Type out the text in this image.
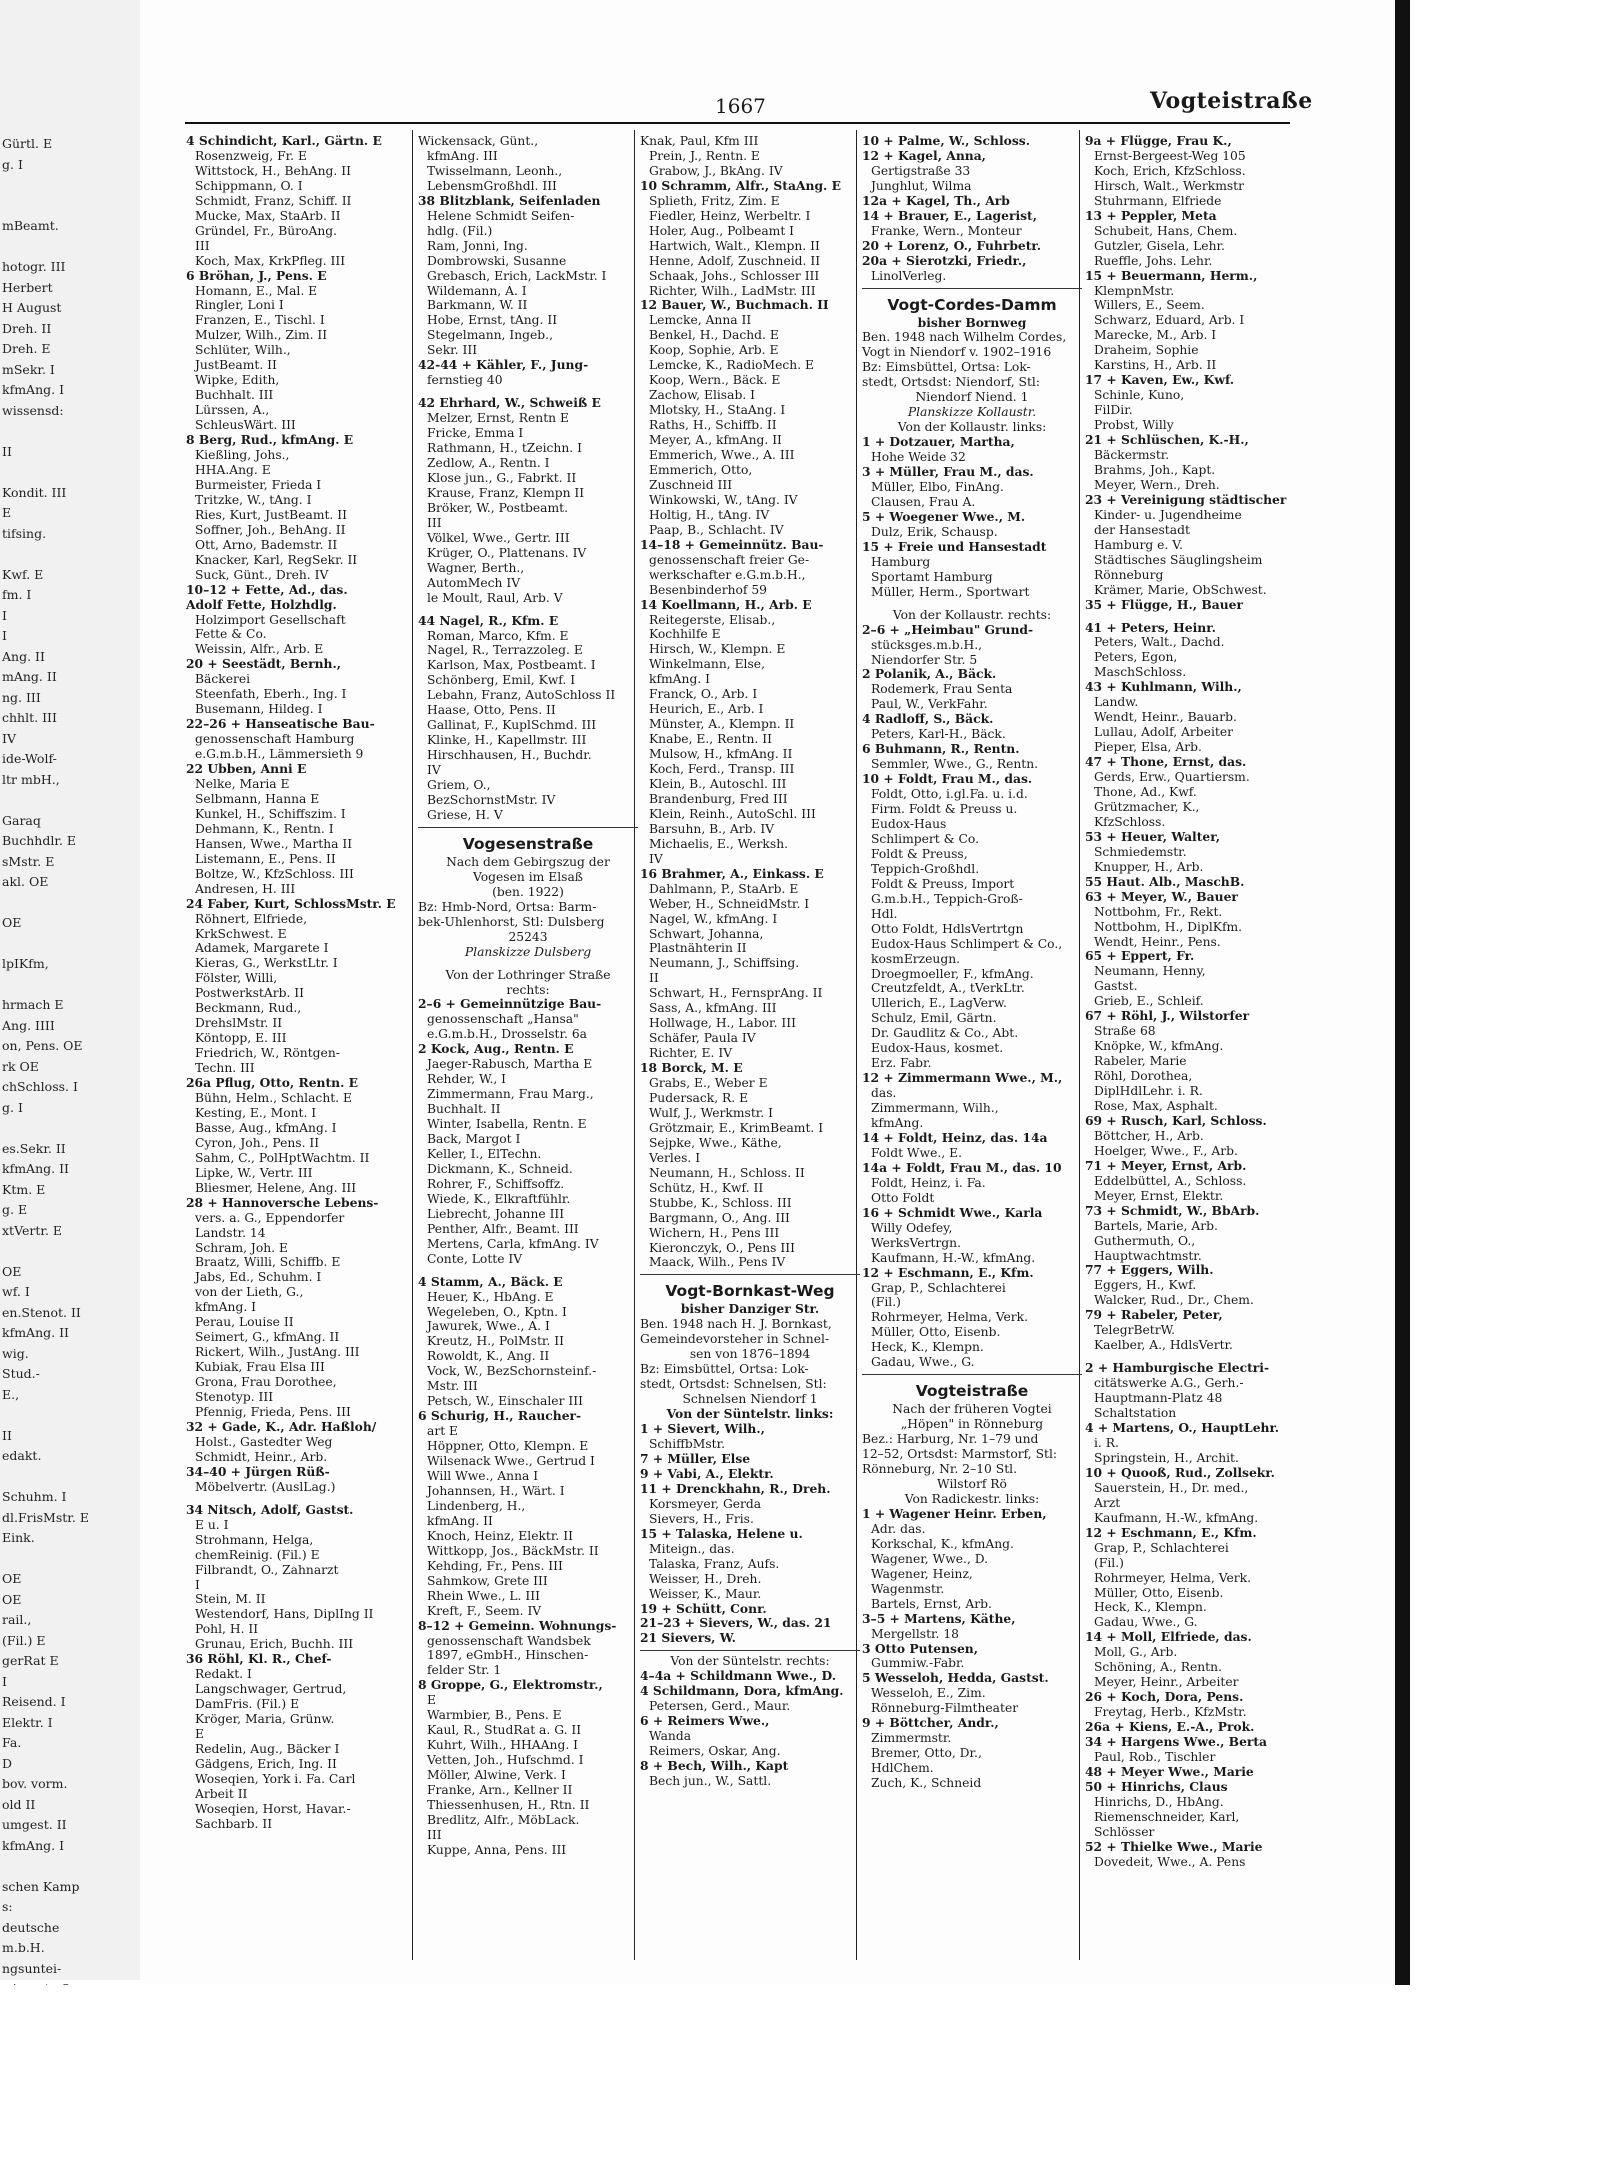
Gürtl. E
g. I
mBeamt.
hotogr. III
Herbert
H August
Dreh. II
Dreh. E
mSekr. I
kfmAng. I
wissensd:
II
Kondit. III
E
tifsing.
Kwf. E
fm. I
I
I
Ang. II
mAng. II
ng. III
chhlt. III
IV
ide-Wolf-
ltr mbH.,
Garaq
Buchhdlr. E
sMstr. E
akl. OE
OE
lpIKfm,
hrmach E
Ang. IIII
on, Pens. OE
rk OE
chSchloss. I
g. I
es.Sekr. II
kfmAng. II
Ktm. E
g. E
xtVertr. E
OE
wf. I
en.Stenot. II
kfmAng. II
wig.
Stud.-
E.,
II
edakt.
Schuhm. I
dl.FrisMstr. E
Eink.
OE
OE
rail.,
(Fil.) E
gerRat E
I
Reisend. I
Elektr. I
Fa.
D
bov. vorm.
old II
umgest. II
kfmAng. I
schen Kamp
s:
deutsche
m.b.H.
ngsuntei-
1667	Vogteistraße
4 Schindicht, Karl., Gärtn. E
Rosenzweig, Fr. E
Wittstock, H., BehAng. II
Schippmann, O. I
Schmidt, Franz, Schiff. II
Mucke, Max, StaArb. II
Gründel, Fr., BüroAng.
III
Koch, Max, KrkPfleg. III
6 Bröhan, J., Pens. E
Homann, E., Mal. E
Ringler, Loni I
Franzen, E., Tischl. I
Mulzer, Wilh., Zim. II
Schlüter, Wilh.,
JustBeamt. II
Wipke, Edith,
Buchhalt. III
Lürssen, A.,
SchleusWärt. III
8 Berg, Rud., kfmAng. E
Kießling, Johs.,
HHA.Ang. E
Burmeister, Frieda I
Tritzke, W., tAng. I
Ries, Kurt, JustBeamt. II
Soffner, Joh., BehAng. II
Ott, Arno, Bademstr. II
Knacker, Karl, RegSekr. II
Suck, Günt., Dreh. IV
10–12 + Fette, Ad., das.
Adolf Fette, Holzhdlg.
Holzimport Gesellschaft
Fette & Co.
Weissin, Alfr., Arb. E
20 + Seestädt, Bernh.,
Bäckerei
Steenfath, Eberh., Ing. I
Busemann, Hildeg. I
22–26 + Hanseatische Bau-
genossenschaft Hamburg
e.G.m.b.H., Lämmersieth 9
22 Ubben, Anni E
Nelke, Maria E
Selbmann, Hanna E
Kunkel, H., Schiffszim. I
Dehmann, K., Rentn. I
Hansen, Wwe., Martha II
Listemann, E., Pens. II
Boltze, W., KfzSchloss. III
Andresen, H. III
24 Faber, Kurt, SchlossMstr. E
Röhnert, Elfriede,
KrkSchwest. E
Adamek, Margarete I
Kieras, G., WerkstLtr. I
Fölster, Willi,
PostwerkstArb. II
Beckmann, Rud.,
DrehslMstr. II
Köntopp, E. III
Friedrich, W., Röntgen-
Techn. III
26a Pflug, Otto, Rentn. E
Bühn, Helm., Schlacht. E
Kesting, E., Mont. I
Basse, Aug., kfmAng. I
Cyron, Joh., Pens. II
Sahm, C., PolHptWachtm. II
Lipke, W., Vertr. III
Bliesmer, Helene, Ang. III
28 + Hannoversche Lebens-
vers. a. G., Eppendorfer
Landstr. 14
Schram, Joh. E
Braatz, Willi, Schiffb. E
Jabs, Ed., Schuhm. I
von der Lieth, G.,
kfmAng. I
Perau, Louise II
Seimert, G., kfmAng. II
Rickert, Wilh., JustAng. III
Kubiak, Frau Elsa III
Grona, Frau Dorothee,
Stenotyp. III
Pfennig, Frieda, Pens. III
32 + Gade, K., Adr. Haßloh/
Holst., Gastedter Weg
Schmidt, Heinr., Arb.
34–40 + Jürgen Rüß-
Möbelvertr. (AuslLag.)
34 Nitsch, Adolf, Gastst.
E u. I
Strohmann, Helga,
chemReinig. (Fil.) E
Filbrandt, O., Zahnarzt
I
Stein, M. II
Westendorf, Hans, DiplIng II
Pohl, H. II
Grunau, Erich, Buchh. III
36 Röhl, Kl. R., Chef-
Redakt. I
Langschwager, Gertrud,
DamFris. (Fil.) E
Kröger, Maria, Grünw.
E
Redelin, Aug., Bäcker I
Gädgens, Erich, Ing. II
Woseqien, York i. Fa. Carl
Arbeit II
Woseqien, Horst, Havar.-
Sachbarb. II
Wickensack, Günt.,
kfmAng. III
Twisselmann, Leonh.,
LebensmGroßhdl. III
38 Blitzblank, Seifenladen
Helene Schmidt Seifen-
hdlg. (Fil.)
Ram, Jonni, Ing.
Dombrowski, Susanne
Grebasch, Erich, LackMstr. I
Wildemann, A. I
Barkmann, W. II
Hobe, Ernst, tAng. II
Stegelmann, Ingeb.,
Sekr. III
42-44 + Kähler, F., Jung-
fernstieg 40
42 Ehrhard, W., Schweiß E
Melzer, Ernst, Rentn E
Fricke, Emma I
Rathmann, H., tZeichn. I
Zedlow, A., Rentn. I
Klose jun., G., Fabrkt. II
Krause, Franz, Klempn II
Bröker, W., Postbeamt.
III
Völkel, Wwe., Gertr. III
Krüger, O., Plattenans. IV
Wagner, Berth.,
AutomMech IV
le Moult, Raul, Arb. V
44 Nagel, R., Kfm. E
Roman, Marco, Kfm. E
Nagel, R., Terrazzoleg. E
Karlson, Max, Postbeamt. I
Schönberg, Emil, Kwf. I
Lebahn, Franz, AutoSchloss II
Haase, Otto, Pens. II
Gallinat, F., KuplSchmd. III
Klinke, H., Kapellmstr. III
Hirschhausen, H., Buchdr.
IV
Griem, O.,
BezSchornstMstr. IV
Griese, H. V
Vogesenstraße
Nach dem Gebirgszug der
Vogesen im Elsaß
(ben. 1922)
Bz: Hmb-Nord, Ortsa: Barm-
bek-Uhlenhorst, Stl: Dulsberg
25243
Planskizze Dulsberg
Von der Lothringer Straße
rechts:
2–6 + Gemeinnützige Bau-
genossenschaft „Hansa"
e.G.m.b.H., Drosselstr. 6a
2 Kock, Aug., Rentn. E
Jaeger-Rabusch, Martha E
Rehder, W., I
Zimmermann, Frau Marg.,
Buchhalt. II
Winter, Isabella, Rentn. E
Back, Margot I
Keller, I., ElTechn.
Dickmann, K., Schneid.
Rohrer, F., Schiffsoffz.
Wiede, K., Elkraftfühlr.
Liebrecht, Johanne III
Penther, Alfr., Beamt. III
Mertens, Carla, kfmAng. IV
Conte, Lotte IV
4 Stamm, A., Bäck. E
Heuer, K., HbAng. E
Wegeleben, O., Kptn. I
Jawurek, Wwe., A. I
Kreutz, H., PolMstr. II
Rowoldt, K., Ang. II
Vock, W., BezSchornsteinf.-
Mstr. III
Petsch, W., Einschaler III
6 Schurig, H., Raucher-
art E
Höppner, Otto, Klempn. E
Wilsenack Wwe., Gertrud I
Will Wwe., Anna I
Johannsen, H., Wärt. I
Lindenberg, H.,
kfmAng. II
Knoch, Heinz, Elektr. II
Wittkopp, Jos., BäckMstr. II
Kehding, Fr., Pens. III
Sahmkow, Grete III
Rhein Wwe., L. III
Kreft, F., Seem. IV
8–12 + Gemeinn. Wohnungs-
genossenschaft Wandsbek
1897, eGmbH., Hinschen-
felder Str. 1
8 Groppe, G., Elektromstr.,
E
Warmbier, B., Pens. E
Kaul, R., StudRat a. G. II
Kuhrt, Wilh., HHAAng. I
Vetten, Joh., Hufschmd. I
Möller, Alwine, Verk. I
Franke, Arn., Kellner II
Thiessenhusen, H., Rtn. II
Bredlitz, Alfr., MöbLack.
III
Kuppe, Anna, Pens. III
Knak, Paul, Kfm III
Prein, J., Rentn. E
Grabow, J., BkAng. IV
10 Schramm, Alfr., StaAng. E
Splieth, Fritz, Zim. E
Fiedler, Heinz, Werbeltr. I
Holer, Aug., Polbeamt I
Hartwich, Walt., Klempn. II
Henne, Adolf, Zuschneid. II
Schaak, Johs., Schlosser III
Richter, Wilh., LadMstr. III
12 Bauer, W., Buchmach. II
Lemcke, Anna II
Benkel, H., Dachd. E
Koop, Sophie, Arb. E
Lemcke, K., RadioMech. E
Koop, Wern., Bäck. E
Zachow, Elisab. I
Mlotsky, H., StaAng. I
Raths, H., Schiffb. II
Meyer, A., kfmAng. II
Emmerich, Wwe., A. III
Emmerich, Otto,
Zuschneid III
Winkowski, W., tAng. IV
Holtig, H., tAng. IV
Paap, B., Schlacht. IV
14–18 + Gemeinnütz. Bau-
genossenschaft freier Ge-
werkschafter e.G.m.b.H.,
Besenbinderhof 59
14 Koellmann, H., Arb. E
Reitegerste, Elisab.,
Kochhilfe E
Hirsch, W., Klempn. E
Winkelmann, Else,
kfmAng. I
Franck, O., Arb. I
Heurich, E., Arb. I
Münster, A., Klempn. II
Knabe, E., Rentn. II
Mulsow, H., kfmAng. II
Koch, Ferd., Transp. III
Klein, B., Autoschl. III
Brandenburg, Fred III
Klein, Reinh., AutoSchl. III
Barsuhn, B., Arb. IV
Michaelis, E., Werksh.
IV
16 Brahmer, A., Einkass. E
Dahlmann, P., StaArb. E
Weber, H., SchneidMstr. I
Nagel, W., kfmAng. I
Schwart, Johanna,
Plastnähterin II
Neumann, J., Schiffsing.
II
Schwart, H., FernsprAng. II
Sass, A., kfmAng. III
Hollwage, H., Labor. III
Schäfer, Paula IV
Richter, E. IV
18 Borck, M. E
Grabs, E., Weber E
Pudersack, R. E
Wulf, J., Werkmstr. I
Grötzmair, E., KrimBeamt. I
Sejpke, Wwe., Käthe,
Verles. I
Neumann, H., Schloss. II
Schütz, H., Kwf. II
Stubbe, K., Schloss. III
Bargmann, O., Ang. III
Wichern, H., Pens III
Kieronczyk, O., Pens III
Maack, Wilh., Pens IV
Vogt-Bornkast-Weg
bisher Danziger Str.
Ben. 1948 nach H. J. Bornkast,
Gemeindevorsteher in Schnel-
sen von 1876–1894
Bz: Eimsbüttel, Ortsa: Lok-
stedt, Ortsdst: Schnelsen, Stl:
Schnelsen Niendorf 1
Von der Süntelstr. links:
1 + Sievert, Wilh.,
SchiffbMstr.
7 + Müller, Else
9 + Vabi, A., Elektr.
11 + Drenckhahn, R., Dreh.
Korsmeyer, Gerda
Sievers, H., Fris.
15 + Talaska, Helene u.
Miteign., das.
Talaska, Franz, Aufs.
Weisser, H., Dreh.
Weisser, K., Maur.
19 + Schütt, Conr.
21–23 + Sievers, W., das. 21
21 Sievers, W.
Von der Süntelstr. rechts:
4–4a + Schildmann Wwe., D.
4 Schildmann, Dora, kfmAng.
Petersen, Gerd., Maur.
6 + Reimers Wwe.,
Wanda
Reimers, Oskar, Ang.
8 + Bech, Wilh., Kapt
Bech jun., W., Sattl.
10 + Palme, W., Schloss.
12 + Kagel, Anna,
Gertigstraße 33
Junghlut, Wilma
12a + Kagel, Th., Arb
14 + Brauer, E., Lagerist,
Franke, Wern., Monteur
20 + Lorenz, O., Fuhrbetr.
20a + Sierotzki, Friedr.,
LinolVerleg.
Vogt-Cordes-Damm
bisher Bornweg
Ben. 1948 nach Wilhelm Cordes,
Vogt in Niendorf v. 1902–1916
Bz: Eimsbüttel, Ortsa: Lok-
stedt, Ortsdst: Niendorf, Stl:
Niendorf Niend. 1
Planskizze Kollaustr.
Von der Kollaustr. links:
1 + Dotzauer, Martha,
Hohe Weide 32
3 + Müller, Frau M., das.
Müller, Elbo, FinAng.
Clausen, Frau A.
5 + Woegener Wwe., M.
Dulz, Erik, Schausp.
15 + Freie und Hansestadt
Hamburg
Sportamt Hamburg
Müller, Herm., Sportwart
Von der Kollaustr. rechts:
2–6 + „Heimbau" Grund-
stücksges.m.b.H.,
Niendorfer Str. 5
2 Polanik, A., Bäck.
Rodemerk, Frau Senta
Paul, W., VerkFahr.
4 Radloff, S., Bäck.
Peters, Karl-H., Bäck.
6 Buhmann, R., Rentn.
Semmler, Wwe., G., Rentn.
10 + Foldt, Frau M., das.
Foldt, Otto, i.gl.Fa. u. i.d.
Firm. Foldt & Preuss u.
Eudox-Haus
Schlimpert & Co.
Foldt & Preuss,
Teppich-Großhdl.
Foldt & Preuss, Import
G.m.b.H., Teppich-Groß-
Hdl.
Otto Foldt, HdlsVertrtgn
Eudox-Haus Schlimpert & Co.,
kosmErzeugn.
Droegmoeller, F., kfmAng.
Creutzfeldt, A., tVerkLtr.
Ullerich, E., LagVerw.
Schulz, Emil, Gärtn.
Dr. Gaudlitz & Co., Abt.
Eudox-Haus, kosmet.
Erz. Fabr.
12 + Zimmermann Wwe., M.,
das.
Zimmermann, Wilh.,
kfmAng.
14 + Foldt, Heinz, das. 14a
Foldt Wwe., E.
14a + Foldt, Frau M., das. 10
Foldt, Heinz, i. Fa.
Otto Foldt
16 + Schmidt Wwe., Karla
Willy Odefey,
WerksVertrgn.
Kaufmann, H.-W., kfmAng.
12 + Eschmann, E., Kfm.
Grap, P., Schlachterei
(Fil.)
Rohrmeyer, Helma, Verk.
Müller, Otto, Eisenb.
Heck, K., Klempn.
Gadau, Wwe., G.
Vogteistraße
Nach der früheren Vogtei
„Höpen" in Rönneburg
Bez.: Harburg, Nr. 1–79 und
12–52, Ortsdst: Marmstorf, Stl:
Rönneburg, Nr. 2–10 Stl.
Wilstorf Rö
Von Radickestr. links:
1 + Wagener Heinr. Erben,
Adr. das.
Korkschal, K., kfmAng.
Wagener, Wwe., D.
Wagener, Heinz,
Wagenmstr.
Bartels, Ernst, Arb.
3–5 + Martens, Käthe,
Mergellstr. 18
3 Otto Putensen,
Gummiw.-Fabr.
5 Wesseloh, Hedda, Gastst.
Wesseloh, E., Zim.
Rönneburg-Filmtheater
9 + Böttcher, Andr.,
Zimmermstr.
Bremer, Otto, Dr.,
HdlChem.
Zuch, K., Schneid
9a + Flügge, Frau K.,
Ernst-Bergeest-Weg 105
Koch, Erich, KfzSchloss.
Hirsch, Walt., Werkmstr
Stuhrmann, Elfriede
13 + Peppler, Meta
Schubeit, Hans, Chem.
Gutzler, Gisela, Lehr.
Rueffle, Johs. Lehr.
15 + Beuermann, Herm.,
KlempnMstr.
Willers, E., Seem.
Schwarz, Eduard, Arb. I
Marecke, M., Arb. I
Draheim, Sophie
Karstins, H., Arb. II
17 + Kaven, Ew., Kwf.
Schinle, Kuno,
FilDir.
Probst, Willy
21 + Schlüschen, K.-H.,
Bäckermstr.
Brahms, Joh., Kapt.
Meyer, Wern., Dreh.
23 + Vereinigung städtischer
Kinder- u. Jugendheime
der Hansestadt
Hamburg e. V.
Städtisches Säuglingsheim
Rönneburg
Krämer, Marie, ObSchwest.
35 + Flügge, H., Bauer
41 + Peters, Heinr.
Peters, Walt., Dachd.
Peters, Egon,
MaschSchloss.
43 + Kuhlmann, Wilh.,
Landw.
Wendt, Heinr., Bauarb.
Lullau, Adolf, Arbeiter
Pieper, Elsa, Arb.
47 + Thone, Ernst, das.
Gerds, Erw., Quartiersm.
Thone, Ad., Kwf.
Grützmacher, K.,
KfzSchloss.
53 + Heuer, Walter,
Schmiedemstr.
Knupper, H., Arb.
55 Haut. Alb., MaschB.
63 + Meyer, W., Bauer
Nottbohm, Fr., Rekt.
Nottbohm, H., DiplKfm.
Wendt, Heinr., Pens.
65 + Eppert, Fr.
Neumann, Henny,
Gastst.
Grieb, E., Schleif.
67 + Röhl, J., Wilstorfer
Straße 68
Knöpke, W., kfmAng.
Rabeler, Marie
Röhl, Dorothea,
DiplHdlLehr. i. R.
Rose, Max, Asphalt.
69 + Rusch, Karl, Schloss.
Böttcher, H., Arb.
Hoelger, Wwe., F., Arb.
71 + Meyer, Ernst, Arb.
Eddelbüttel, A., Schloss.
Meyer, Ernst, Elektr.
73 + Schmidt, W., BbArb.
Bartels, Marie, Arb.
Guthermuth, O.,
Hauptwachtmstr.
77 + Eggers, Wilh.
Eggers, H., Kwf.
Walcker, Rud., Dr., Chem.
79 + Rabeler, Peter,
TelegrBetrW.
Kaelber, A., HdlsVertr.
2 + Hamburgische Electri-
citätswerke A.G., Gerh.-
Hauptmann-Platz 48
Schaltstation
4 + Martens, O., HauptLehr.
i. R.
Springstein, H., Archit.
10 + Quooß, Rud., Zollsekr.
Sauerstein, H., Dr. med.,
Arzt
Kaufmann, H.-W., kfmAng.
12 + Eschmann, E., Kfm.
Grap, P., Schlachterei
(Fil.)
Rohrmeyer, Helma, Verk.
Müller, Otto, Eisenb.
Heck, K., Klempn.
Gadau, Wwe., G.
14 + Moll, Elfriede, das.
Moll, G., Arb.
Schöning, A., Rentn.
Meyer, Heinr., Arbeiter
26 + Koch, Dora, Pens.
Freytag, Herb., KfzMstr.
26a + Kiens, E.-A., Prok.
34 + Hargens Wwe., Berta
Paul, Rob., Tischler
48 + Meyer Wwe., Marie
50 + Hinrichs, Claus
Hinrichs, D., HbAng.
Riemenschneider, Karl,
Schlösser
52 + Thielke Wwe., Marie
Dovedeit, Wwe., A. Pens
